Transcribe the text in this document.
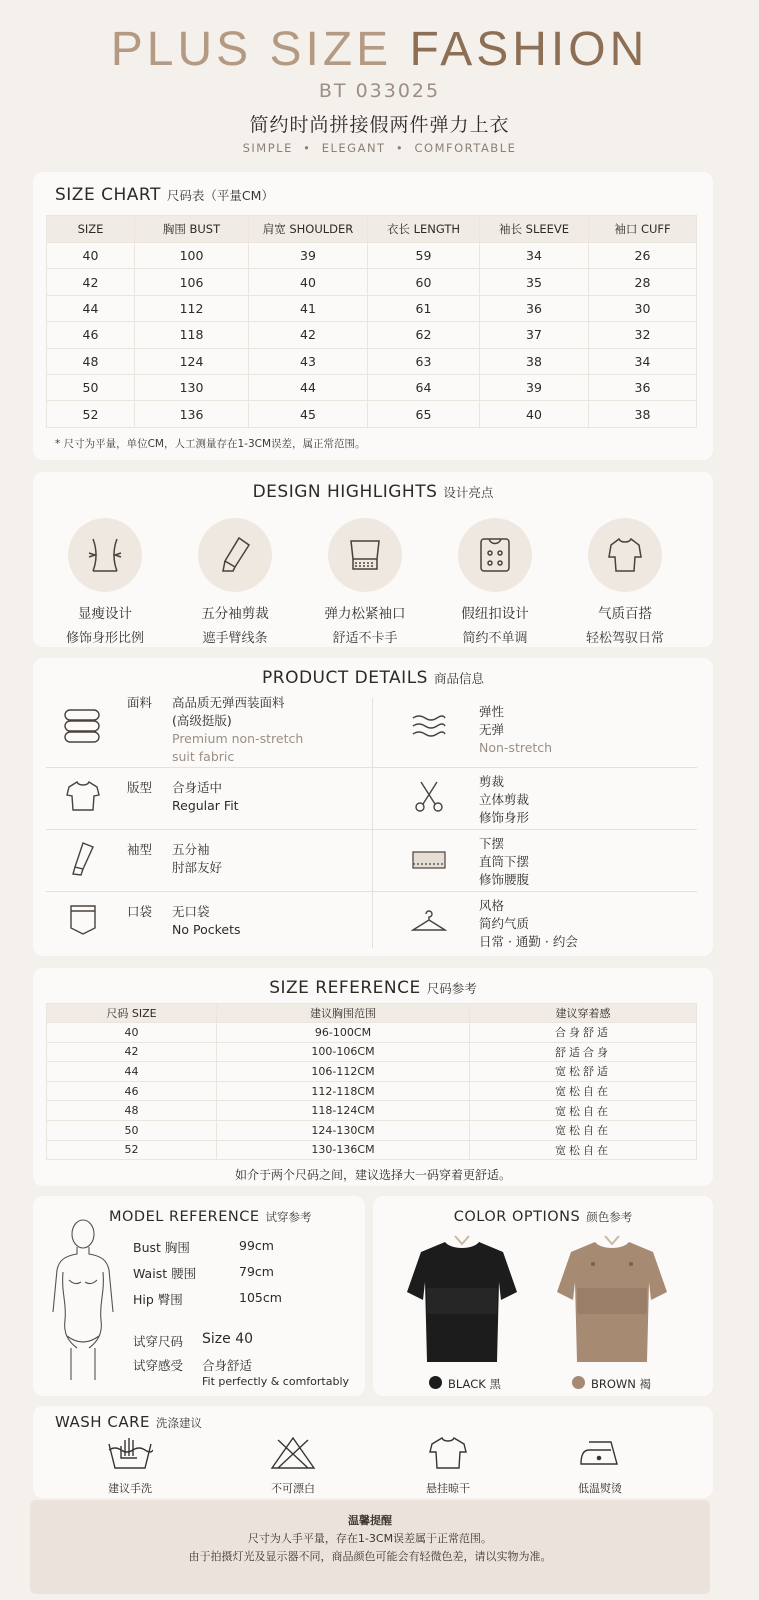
PLUS SIZE FASHION
BT 033025
简约时尚拼接假两件弹力上衣
SIMPLE  •  ELEGANT  •  COMFORTABLE
SIZE CHART 尺码表（平量CM）
SIZE	胸围 BUST	肩宽 SHOULDER	衣长 LENGTH	袖长 SLEEVE	袖口 CUFF
40	100	39	59	34	26
42	106	40	60	35	28
44	112	41	61	36	30
46	118	42	62	37	32
48	124	43	63	38	34
50	130	44	64	39	36
52	136	45	65	40	38
* 尺寸为平量，单位CM，人工测量存在1-3CM误差，属正常范围。
DESIGN HIGHLIGHTS 设计亮点
显瘦设计
修饰身形比例
五分袖剪裁
遮手臂线条
弹力松紧袖口
舒适不卡手
假纽扣设计
简约不单调
气质百搭
轻松驾驭日常
PRODUCT DETAILS 商品信息
面料 高品质无弹西装面料
(高级挺版)
Premium non-stretch
suit fabric
弹性
无弹
Non-stretch
版型 合身适中
Regular Fit
剪裁
立体剪裁
修饰身形
袖型 五分袖
肘部友好
下摆
直筒下摆
修饰腰腹
口袋 无口袋
No Pockets
风格
简约气质
日常 · 通勤 · 约会
SIZE REFERENCE 尺码参考
尺码 SIZE	建议胸围范围	建议穿着感
40	96-100CM	合身舒适
42	100-106CM	舒适合身
44	106-112CM	宽松舒适
46	112-118CM	宽松自在
48	118-124CM	宽松自在
50	124-130CM	宽松自在
52	130-136CM	宽松自在
如介于两个尺码之间，建议选择大一码穿着更舒适。
MODEL REFERENCE 试穿参考
Bust 胸围	99cm
Waist 腰围	79cm
Hip 臀围	105cm
试穿尺码 Size 40
试穿感受 合身舒适
Fit perfectly & comfortably
COLOR OPTIONS 颜色参考
BLACK 黑	BROWN 褐
WASH CARE 洗涤建议
建议手洗	不可漂白	悬挂晾干	低温熨烫
温馨提醒
尺寸为人手平量，存在1-3CM误差属于正常范围。
由于拍摄灯光及显示器不同，商品颜色可能会有轻微色差，请以实物为准。
